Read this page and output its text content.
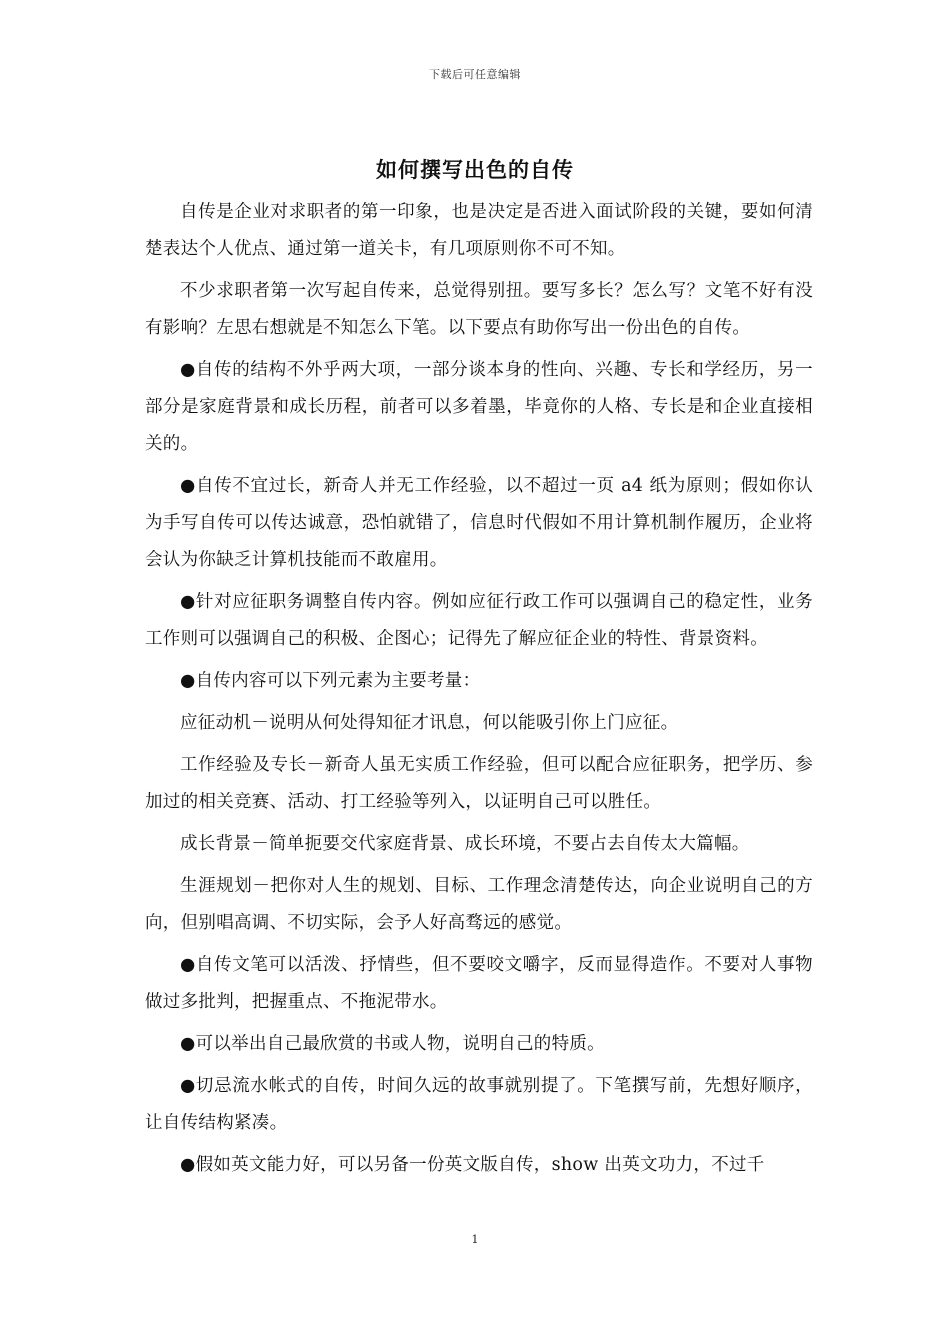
下载后可任意编辑
如何撰写出色的自传

自传是企业对求职者的第一印象，也是决定是否进入面试阶段的关键，要如何清楚表达个人优点、通过第一道关卡，有几项原则你不可不知。

不少求职者第一次写起自传来，总觉得别扭。要写多长？怎么写？文笔不好有没有影响？左思右想就是不知怎么下笔。以下要点有助你写出一份出色的自传。

●自传的结构不外乎两大项，一部分谈本身的性向、兴趣、专长和学经历，另一部分是家庭背景和成长历程，前者可以多着墨，毕竟你的人格、专长是和企业直接相关的。

●自传不宜过长，新奇人并无工作经验，以不超过一页 a4 纸为原则；假如你认为手写自传可以传达诚意，恐怕就错了，信息时代假如不用计算机制作履历，企业将会认为你缺乏计算机技能而不敢雇用。

●针对应征职务调整自传内容。例如应征行政工作可以强调自己的稳定性，业务工作则可以强调自己的积极、企图心；记得先了解应征企业的特性、背景资料。

●自传内容可以下列元素为主要考量：

应征动机－说明从何处得知征才讯息，何以能吸引你上门应征。

工作经验及专长－新奇人虽无实质工作经验，但可以配合应征职务，把学历、参加过的相关竞赛、活动、打工经验等列入，以证明自己可以胜任。

成长背景－简单扼要交代家庭背景、成长环境，不要占去自传太大篇幅。

生涯规划－把你对人生的规划、目标、工作理念清楚传达，向企业说明自己的方向，但别唱高调、不切实际，会予人好高骛远的感觉。

●自传文笔可以活泼、抒情些，但不要咬文嚼字，反而显得造作。不要对人事物做过多批判，把握重点、不拖泥带水。

●可以举出自己最欣赏的书或人物，说明自己的特质。

●切忌流水帐式的自传，时间久远的故事就别提了。下笔撰写前，先想好顺序，让自传结构紧凑。

●假如英文能力好，可以另备一份英文版自传，show 出英文功力，不过千

1
